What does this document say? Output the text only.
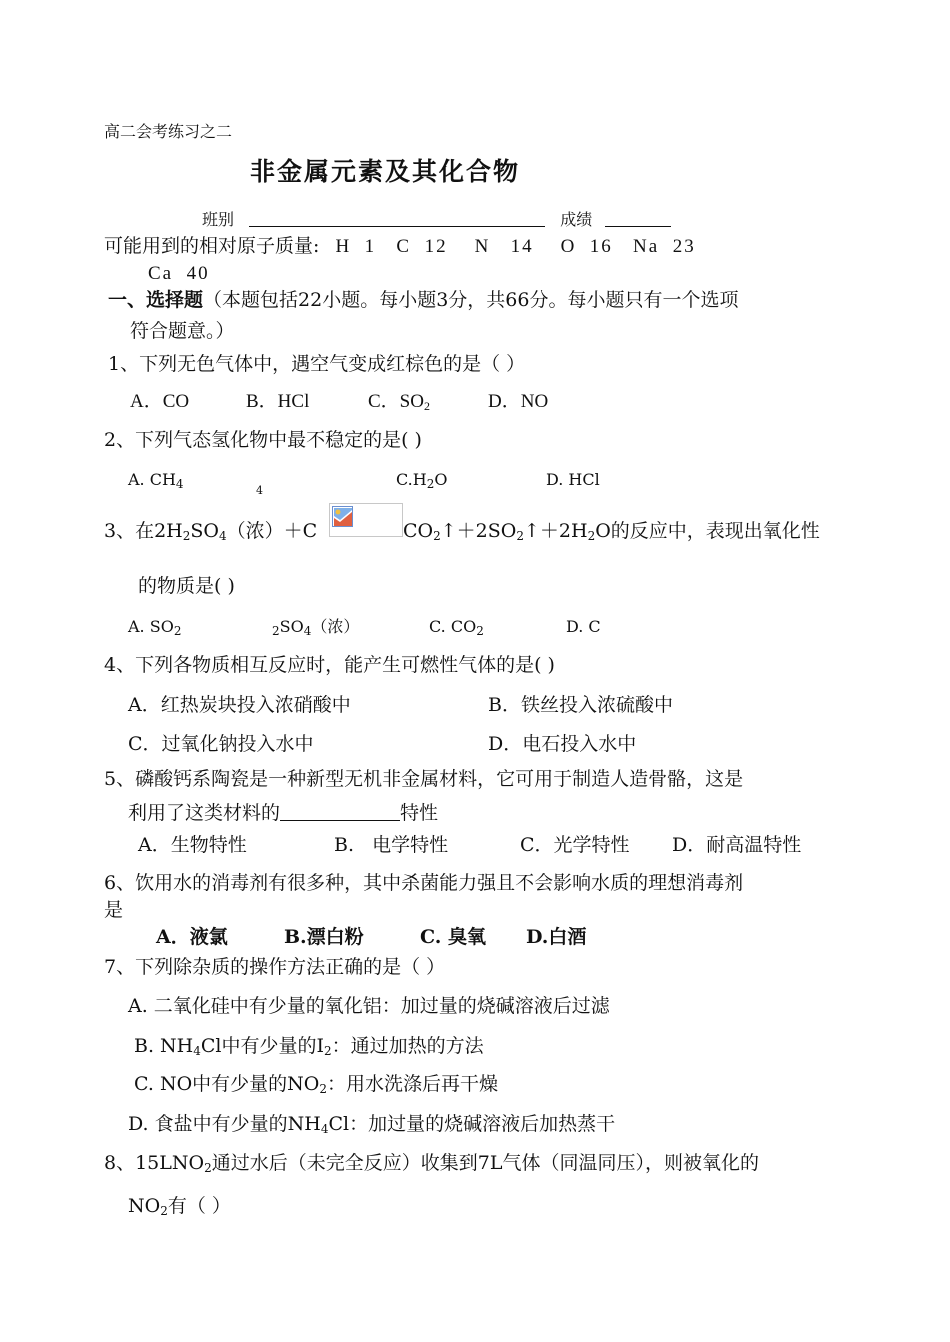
高二会考练习之二
非金属元素及其化合物
班别	成绩
可能用到的相对原子质量: H  1   C  12    N   14    O  16   Na  23
Ca  40
一、选择题（本题包括22小题。每小题3分，共66分。每小题只有一个选项
符合题意。）
1、下列无色气体中，遇空气变成红棕色的是（ ）
A．CO	B．HCl	C．$SO_2$	D．NO
2、下列气态氢化物中最不稳定的是( )
A. $CH_4$	$_4$
$C.H_2O$	D. HCl
3、在$2H_2SO_4$（浓）＋C	$CO_2↑+2SO_2↑+2H_2O$的反应中，表现出氧化性
的物质是( )
A. $SO_2$	$_2SO_4$（浓）	C. $CO_2$	D. C
4、下列各物质相互反应时，能产生可燃性气体的是( )
A．红热炭块投入浓硝酸中	B．铁丝投入浓硫酸中
C．过氧化钠投入水中	D．电石投入水中
5、磷酸钙系陶瓷是一种新型无机非金属材料，它可用于制造人造骨骼，这是
利用了这类材料的	特性
A．生物特性	B.   电学特性	C．光学特性 D．耐高温特性
6、饮用水的消毒剂有很多种，其中杀菌能力强且不会影响水质的理想消毒剂
是
A．液氯	B.漂白粉	C. 臭氧 D.白酒
7、下列除杂质的操作方法正确的是（ ）
A. 二氧化硅中有少量的氧化铝：加过量的烧碱溶液后过滤
B. $NH_4Cl$中有少量的$I_2$：通过加热的方法
C. NO中有少量的$NO_2$：用水洗涤后再干燥
D. 食盐中有少量的$NH_4Cl$：加过量的烧碱溶液后加热蒸干
8、$15LNO_2$通过水后（未完全反应）收集到7L气体（同温同压），则被氧化的
$NO_2$有（ ）
